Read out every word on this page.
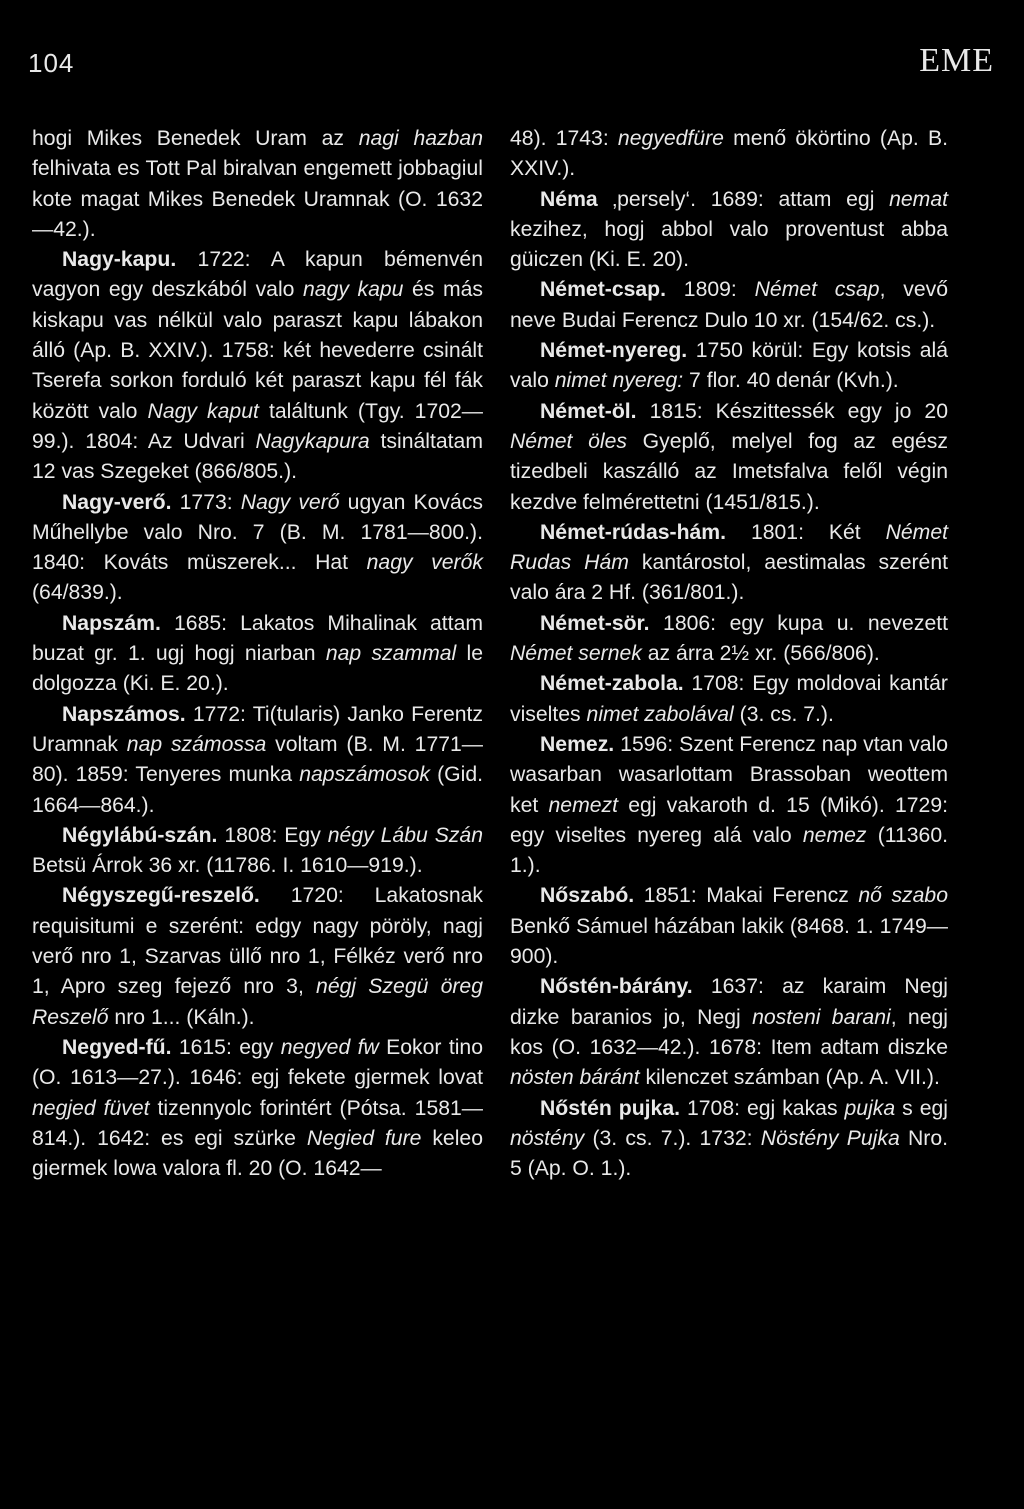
104	EME

hogi Mikes Benedek Uram az nagi hazban felhivata es Tott Pal biralvan engemett jobbagiul kote magat Mikes Benedek Uramnak (O. 1632—42.).

Nagy-kapu. 1722: A kapun bémenvén vagyon egy deszkából valo nagy kapu és más kiskapu vas nélkül valo paraszt kapu lábakon álló (Ap. B. XXIV.). 1758: két hevederre csinált Tserefa sorkon forduló két paraszt kapu fél fák között valo Nagy kaput találtunk (Tgy. 1702—99.). 1804: Az Udvari Nagykapura tsináltatam 12 vas Szegeket (866/805.).

Nagy-verő. 1773: Nagy verő ugyan Kovács Műhellybe valo Nro. 7 (B. M. 1781—800.). 1840: Kováts müszerek... Hat nagy verők (64/839.).

Napszám. 1685: Lakatos Mihalinak attam buzat gr. 1. ugj hogj niarban nap szammal le dolgozza (Ki. E. 20.).

Napszámos. 1772: Ti(tularis) Janko Ferentz Uramnak nap számossa voltam (B. M. 1771—80). 1859: Tenyeres munka napszámosok (Gid. 1664—864.).

Négylábú-szán. 1808: Egy négy Lábu Szán Betsü Árrok 36 xr. (11786. I. 1610—919.).

Négyszegű-reszelő. 1720: Lakatosnak requisitumi e szerént: edgy nagy pöröly, nagj verő nro 1, Szarvas üllő nro 1, Félkéz verő nro 1, Apro szeg fejező nro 3, négj Szegü öreg Reszelő nro 1... (Káln.).

Negyed-fű. 1615: egy negyed fw Eokor tino (O. 1613—27.). 1646: egj fekete gjermek lovat negjed füvet tizennyolc forintért (Pótsa. 1581—814.). 1642: es egi szürke Negied fure keleo giermek lowa valora fl. 20 (O. 1642—

48). 1743: negyedfüre menő ökörtino (Ap. B. XXIV.).

Néma ‚persely‘. 1689: attam egj nemat kezihez, hogj abbol valo proventust abba güiczen (Ki. E. 20).

Német-csap. 1809: Német csap, vevő neve Budai Ferencz Dulo 10 xr. (154/62. cs.).

Német-nyereg. 1750 körül: Egy kotsis alá valo nimet nyereg: 7 flor. 40 denár (Kvh.).

Német-öl. 1815: Készittessék egy jo 20 Német öles Gyeplő, melyel fog az egész tizedbeli kaszálló az Imetsfalva felől végin kezdve felmérettetni (1451/815.).

Német-rúdas-hám. 1801: Két Német Rudas Hám kantárostol, aestimalas szerént valo ára 2 Hf. (361/801.).

Német-sör. 1806: egy kupa u. nevezett Német sernek az árra 2½ xr. (566/806).

Német-zabola. 1708: Egy moldovai kantár viseltes nimet zabolával (3. cs. 7.).

Nemez. 1596: Szent Ferencz nap vtan valo wasarban wasarlottam Brassoban weottem ket nemezt egj vakaroth d. 15 (Mikó). 1729: egy viseltes nyereg alá valo nemez (11360. 1.).

Nőszabó. 1851: Makai Ferencz nő szabo Benkő Sámuel házában lakik (8468. 1. 1749—900).

Nőstén-bárány. 1637: az karaim Negj dizke baranios jo, Negj nosteni barani, negj kos (O. 1632—42.). 1678: Item adtam diszke nösten báránt kilenczet számban (Ap. A. VII.).

Nőstén pujka. 1708: egj kakas pujka s egj nöstény (3. cs. 7.). 1732: Nöstény Pujka Nro. 5 (Ap. O. 1.).
